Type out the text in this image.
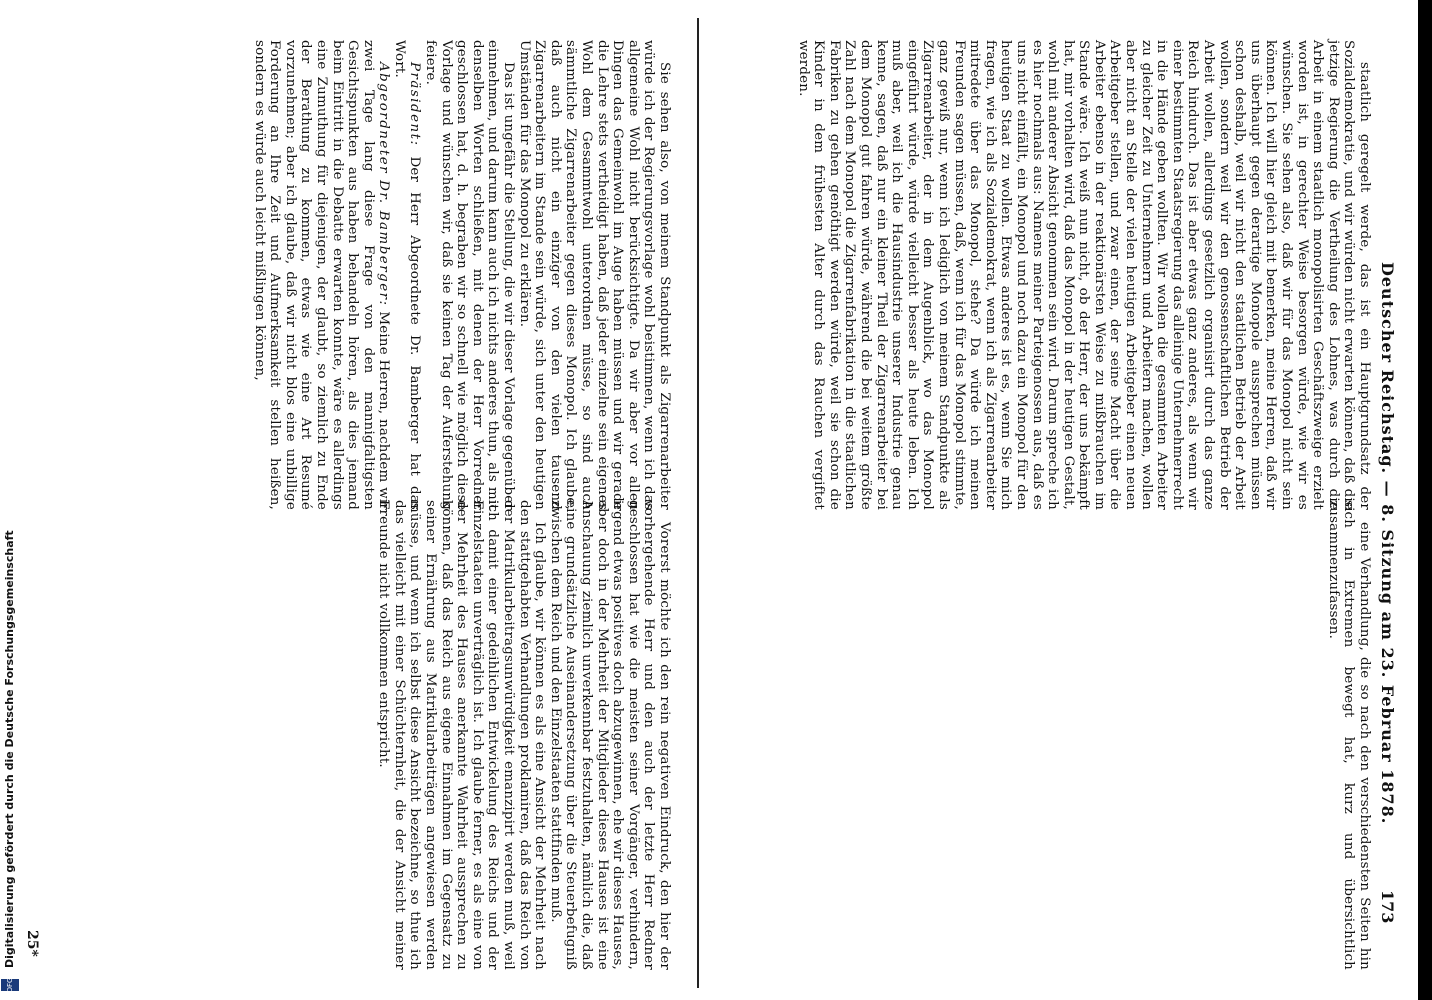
Deutscher Reichstag. — 8. Sitzung am 23. Februar 1878.
173

staatlich geregelt werde, das ist ein Hauptgrundsatz der Sozialdemokratie, und wir würden nicht erwarten können, daß die jetzige Regierung die Vertheilung des Lohnes, was durch die Arbeit in einem staatlich monopolisirten Geschäftszweige erzielt worden ist, in gerechter Weise besorgen würde, wie wir es wünschen. Sie sehen also, daß wir für das Monopol nicht sein können. Ich will hier gleich mit bemerken, meine Herren, daß wir uns überhaupt gegen derartige Monopole aussprechen müssen schon deshalb, weil wir nicht den staatlichen Betrieb der Arbeit wollen, sondern weil wir den genossenschaftlichen Betrieb der Arbeit wollen, allerdings gesetzlich organisirt durch das ganze Reich hindurch. Das ist aber etwas ganz anderes, als wenn wir einer bestimmten Staatsregierung das alleinige Unternehmerrecht in die Hände geben wollten. Wir wollen die gesammten Arbeiter zu gleicher Zeit zu Unternehmern und Arbeitern machen, wollen aber nicht an Stelle der vielen heutigen Arbeitgeber einen neuen Arbeitgeber stellen, und zwar einen, der seine Macht über die Arbeiter ebenso in der reaktionärsten Weise zu mißbrauchen im Stande wäre. Ich weiß nun nicht, ob der Herr, der uns bekämpft hat, mir vorhalten wird, daß das Monopol in der heutigen Gestalt, wohl mit anderer Absicht genommen sein wird. Darum spreche ich es hier nochmals aus: Namens meiner Parteigenossen aus, daß es uns nicht einfällt, ein Monopol und noch dazu ein Monopol für den heutigen Staat zu wollen. Etwas anderes ist es, wenn Sie mich fragen, wie ich als Sozialdemokrat, wenn ich als Zigarrenarbeiter mitredete über das Monopol, stehe? Da würde ich meinen Freunden sagen müssen, daß, wenn ich für das Monopol stimmte, ganz gewiß nur, wenn ich lediglich von meinem Standpunkte als Zigarrenarbeiter, der in dem Augenblick, wo das Monopol eingeführt würde, würde vielleicht besser als heute leben. Ich muß aber, weil ich die Hausindustrie unserer Industrie genau kenne, sagen, daß nur ein kleiner Theil der Zigarrenarbeiter bei dem Monopol gut fahren würde, während die bei weitem größte Zahl nach dem Monopol die Zigarrenfabrikation in die staatlichen Fabriken zu gehen genöthigt werden würde, weil sie schon die Kinder in dem frühesten Alter durch das Rauchen vergiftet werden.

eine Verhandlung, die so nach den verschiedensten Seiten hin sich in Extremen bewegt hat, kurz und übersichtlich zusammenzufassen.

Sie sehen also, von meinem Standpunkt als Zigarrenarbeiter würde ich der Regierungsvorlage wohl beistimmen, wenn ich das allgemeine Wohl nicht berücksichtigte. Da wir aber vor allen Dingen das Gemeinwohl im Auge haben müssen und wir gerade die Lehre stets vertheidigt haben, daß jeder einzelne sein eigenes Wohl dem Gesammtwohl unterordnen müsse, so sind auch sämmtliche Zigarrenarbeiter gegen dieses Monopol. Ich glaube, daß auch nicht ein einziger von den vielen tausend Zigarrenarbeitern im Stande sein würde, sich unter den heutigen Umständen für das Monopol zu erklären.

Das ist ungefähr die Stellung, die wir dieser Vorlage gegenüber einnehmen, und darum kann auch ich nichts anderes thun, als mit denselben Worten schließen, mit denen der Herr Vorredner geschlossen hat, d. h. begraben wir so schnell wie möglich diese Vorlage und wünschen wir, daß sie keinen Tag der Auferstehung feiere.

Präsident: Der Herr Abgeordnete Dr. Bamberger hat das Wort.

Abgeordneter Dr. Bamberger: Meine Herren, nachdem wir zwei Tage lang diese Frage von den mannigfaltigsten Gesichtspunkten aus haben behandeln hören, als dies jemand beim Eintritt in die Debatte erwarten konnte, wäre es allerdings eine Zumuthung für diejenigen, der glaubt, so ziemlich zu Ende der Berathung zu kommen, etwas wie eine Art Resumé vorzunehmen; aber ich glaube, daß wir nicht blos eine unbillige Forderung an Ihre Zeit und Aufmerksamkeit stellen heißen, sondern es würde auch leicht mißlingen können,

Vorerst möchte ich den rein negativen Eindruck, den hier der vorhergehende Herr und den auch der letzte Herr Redner geschlossen hat wie die meisten seiner Vorgänger, verhindern, irgend etwas positives doch abzugewinnen, ehe wir dieses Hauses, aber doch in der Mehrheit der Mitglieder dieses Hauses ist eine Anschauung ziemlich unverkennbar festzuhalten, nämlich die, daß eine grundsätzliche Auseinandersetzung über die Steuerbefugniß zwischen dem Reich und den Einzelstaaten stattfinden muß.

Ich glaube, wir können es als eine Ansicht der Mehrheit nach den stattgehabten Verhandlungen proklamiren, daß das Reich von der Matrikularbeitragsunwürdigkeit emanzipirt werden muß, weil ich damit einer gedeihlichen Entwickelung des Reichs und der Einzelstaaten unverträglich ist. Ich glaube ferner, es als eine von der Mehrheit des Hauses anerkannte Wahrheit aussprechen zu können, daß das Reich aus eigene Einnahmen im Gegensatz zu seiner Ernährung aus Matrikularbeiträgen angewiesen werden müsse, und wenn ich selbst diese Ansicht bezeichne, so thue ich das vielleicht mit einer Schüchternheit, die der Ansicht meiner Freunde nicht vollkommen entspricht.

25*
Digitalisierung gefördert durch die Deutsche Forschungsgemeinschaft
DFG
